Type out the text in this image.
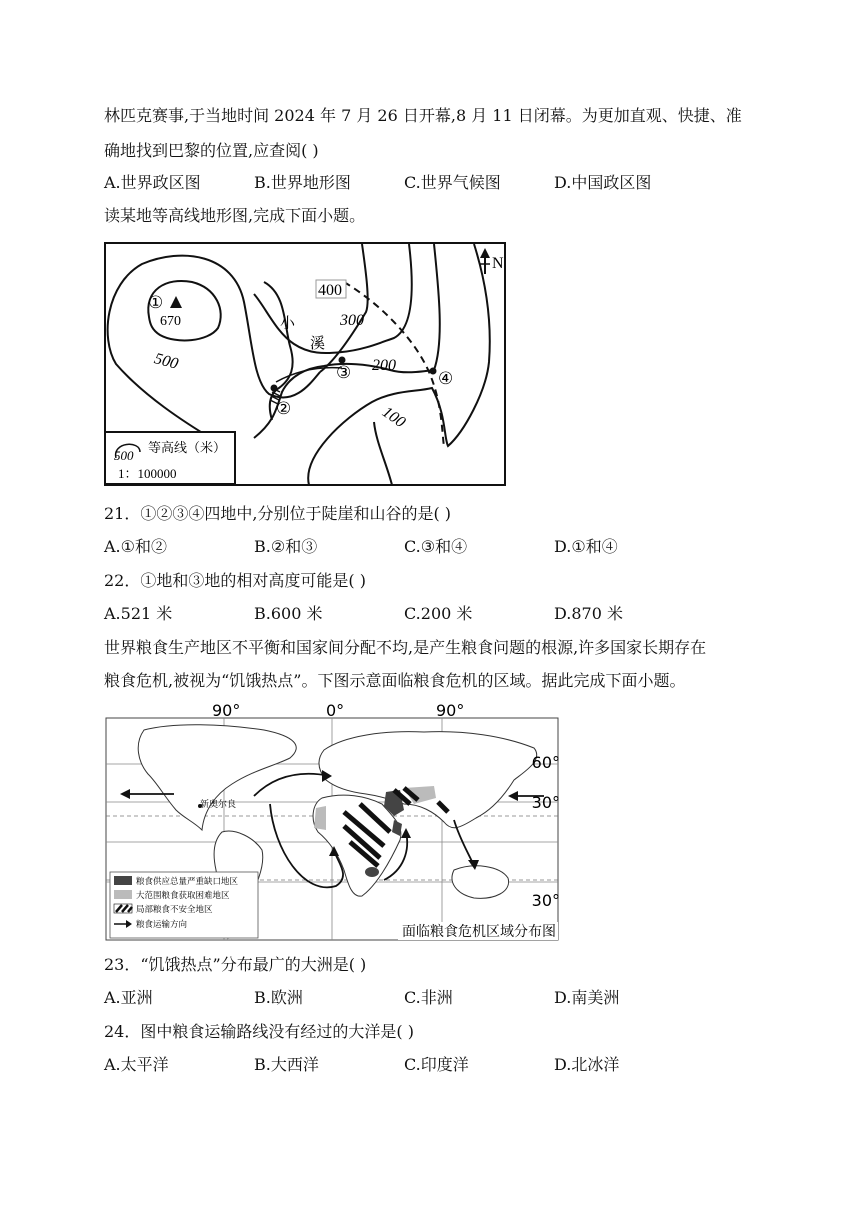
林匹克赛事,于当地时间 2024 年 7 月 26 日开幕,8 月 11 日闭幕。为更加直观、快捷、准
确地找到巴黎的位置,应查阅( )
A.世界政区图	B.世界地形图	C.世界气候图	D.中国政区图
读某地等高线地形图,完成下面小题。
N
400
300
200
100
500
670	小
溪
①
②
③	④
500
等高线（米）
1：100000
21．①②③④四地中,分别位于陡崖和山谷的是( )
A.①和②	B.②和③	C.③和④	D.①和④
22．①地和③地的相对高度可能是( )
A.521 米	B.600 米	C.200 米	D.870 米
世界粮食生产地区不平衡和国家间分配不均,是产生粮食问题的根源,许多国家长期存在
粮食危机,被视为“饥饿热点”。下图示意面临粮食危机的区域。据此完成下面小题。
新奥尔良
90°	0°	90°
60°
30°
30°
粮食供应总量严重缺口地区
大范围粮食获取困难地区
局部粮食不安全地区
粮食运输方向	面临粮食危机区域分布图
23．“饥饿热点”分布最广的大洲是( )
A.亚洲	B.欧洲	C.非洲	D.南美洲
24．图中粮食运输路线没有经过的大洋是( )
A.太平洋	B.大西洋	C.印度洋	D.北冰洋
